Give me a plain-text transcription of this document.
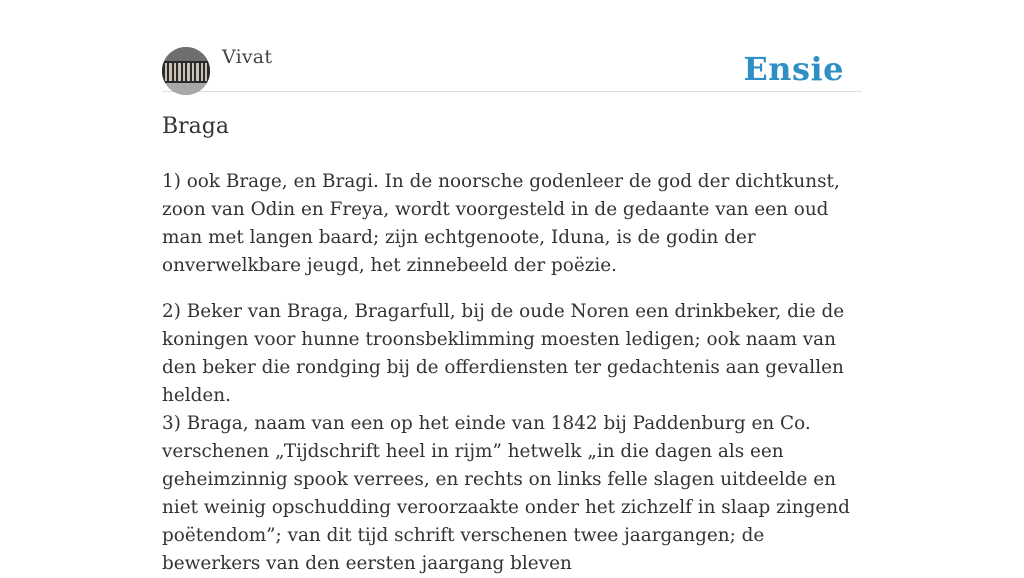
Vivat	Ensie
Braga

1) ook Brage, en Bragi. In de noorsche godenleer de god der dichtkunst, zoon van Odin en Freya, wordt voorgesteld in de gedaante van een oud man met langen baard; zijn echtgenoote, Iduna, is de godin der onverwelkbare jeugd, het zinnebeeld der poëzie.

2) Beker van Braga, Bragarfull, bij de oude Noren een drinkbeker, die de koningen voor hunne troonsbeklimming moesten ledigen; ook naam van den beker die rondging bij de offerdiensten ter gedachtenis aan gevallen helden.
3) Braga, naam van een op het einde van 1842 bij Paddenburg en Co. verschenen „Tijdschrift heel in rijm” hetwelk „in die dagen als een geheimzinnig spook verrees, en rechts on links felle slagen uitdeelde en niet weinig opschudding veroorzaakte onder het zichzelf in slaap zingend poëtendom”; van dit tijd schrift verschenen twee jaargangen; de bewerkers van den eersten jaargang bleven
